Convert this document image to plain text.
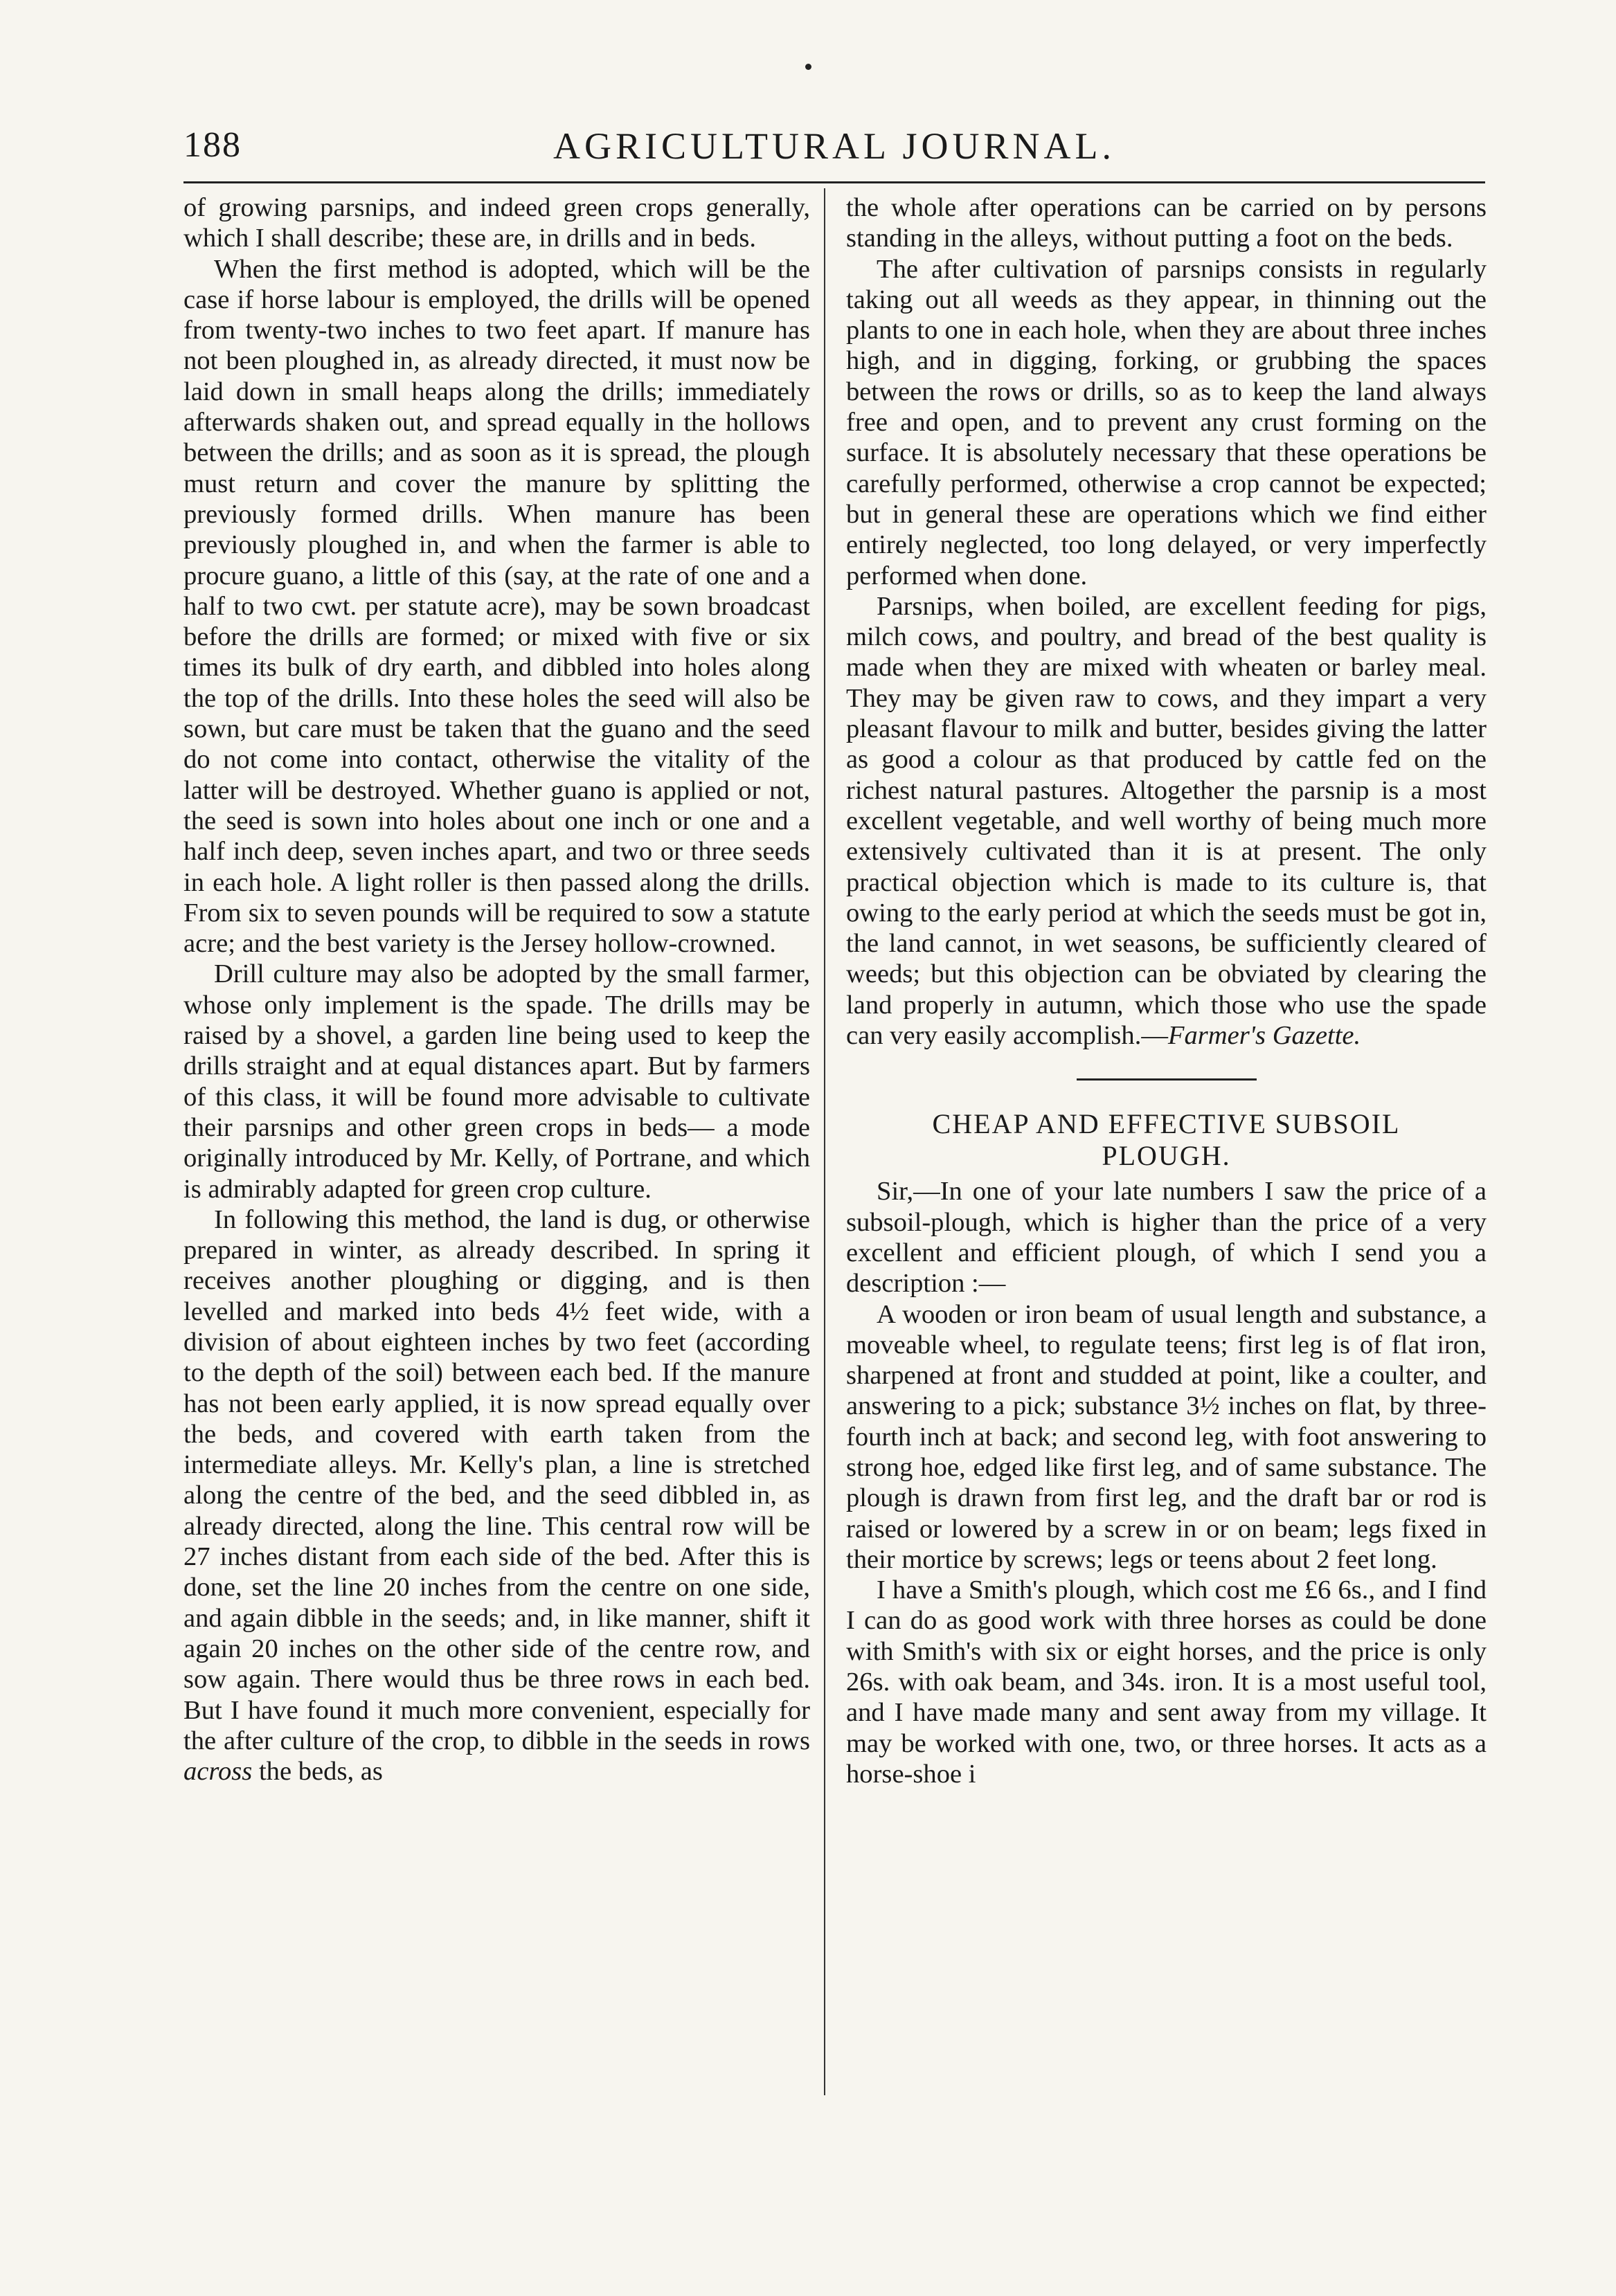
188	AGRICULTURAL JOURNAL.

of growing parsnips, and indeed green crops generally, which I shall describe; these are, in drills and in beds.

When the first method is adopted, which will be the case if horse labour is employed, the drills will be opened from twenty-two inches to two feet apart. If manure has not been ploughed in, as already directed, it must now be laid down in small heaps along the drills; immediately afterwards shaken out, and spread equally in the hollows between the drills; and as soon as it is spread, the plough must return and cover the manure by splitting the previously formed drills. When manure has been previously ploughed in, and when the farmer is able to procure guano, a little of this (say, at the rate of one and a half to two cwt. per statute acre), may be sown broadcast before the drills are formed; or mixed with five or six times its bulk of dry earth, and dibbled into holes along the top of the drills. Into these holes the seed will also be sown, but care must be taken that the guano and the seed do not come into contact, otherwise the vitality of the latter will be destroyed. Whether guano is applied or not, the seed is sown into holes about one inch or one and a half inch deep, seven inches apart, and two or three seeds in each hole. A light roller is then passed along the drills. From six to seven pounds will be required to sow a statute acre; and the best variety is the Jersey hollow-crowned.

Drill culture may also be adopted by the small farmer, whose only implement is the spade. The drills may be raised by a shovel, a garden line being used to keep the drills straight and at equal distances apart. But by farmers of this class, it will be found more advisable to cultivate their parsnips and other green crops in beds— a mode originally introduced by Mr. Kelly, of Portrane, and which is admirably adapted for green crop culture.

In following this method, the land is dug, or otherwise prepared in winter, as already described. In spring it receives another ploughing or digging, and is then levelled and marked into beds 4½ feet wide, with a division of about eighteen inches by two feet (according to the depth of the soil) between each bed. If the manure has not been early applied, it is now spread equally over the beds, and covered with earth taken from the intermediate alleys. Mr. Kelly's plan, a line is stretched along the centre of the bed, and the seed dibbled in, as already directed, along the line. This central row will be 27 inches distant from each side of the bed. After this is done, set the line 20 inches from the centre on one side, and again dibble in the seeds; and, in like manner, shift it again 20 inches on the other side of the centre row, and sow again. There would thus be three rows in each bed. But I have found it much more convenient, especially for the after culture of the crop, to dibble in the seeds in rows across the beds, as

the whole after operations can be carried on by persons standing in the alleys, without putting a foot on the beds.

The after cultivation of parsnips consists in regularly taking out all weeds as they appear, in thinning out the plants to one in each hole, when they are about three inches high, and in digging, forking, or grubbing the spaces between the rows or drills, so as to keep the land always free and open, and to prevent any crust forming on the surface. It is absolutely necessary that these operations be carefully performed, otherwise a crop cannot be expected; but in general these are operations which we find either entirely neglected, too long delayed, or very imperfectly performed when done.

Parsnips, when boiled, are excellent feeding for pigs, milch cows, and poultry, and bread of the best quality is made when they are mixed with wheaten or barley meal. They may be given raw to cows, and they impart a very pleasant flavour to milk and butter, besides giving the latter as good a colour as that produced by cattle fed on the richest natural pastures. Altogether the parsnip is a most excellent vegetable, and well worthy of being much more extensively cultivated than it is at present. The only practical objection which is made to its culture is, that owing to the early period at which the seeds must be got in, the land cannot, in wet seasons, be sufficiently cleared of weeds; but this objection can be obviated by clearing the land properly in autumn, which those who use the spade can very easily accomplish.—Farmer's Gazette.

CHEAP AND EFFECTIVE SUBSOIL
PLOUGH.

Sir,—In one of your late numbers I saw the price of a subsoil-plough, which is higher than the price of a very excellent and efficient plough, of which I send you a description :—

A wooden or iron beam of usual length and substance, a moveable wheel, to regulate teens; first leg is of flat iron, sharpened at front and studded at point, like a coulter, and answering to a pick; substance 3½ inches on flat, by three-fourth inch at back; and second leg, with foot answering to strong hoe, edged like first leg, and of same substance. The plough is drawn from first leg, and the draft bar or rod is raised or lowered by a screw in or on beam; legs fixed in their mortice by screws; legs or teens about 2 feet long.

I have a Smith's plough, which cost me £6 6s., and I find I can do as good work with three horses as could be done with Smith's with six or eight horses, and the price is only 26s. with oak beam, and 34s. iron. It is a most useful tool, and I have made many and sent away from my village. It may be worked with one, two, or three horses. It acts as a horse-shoe i
